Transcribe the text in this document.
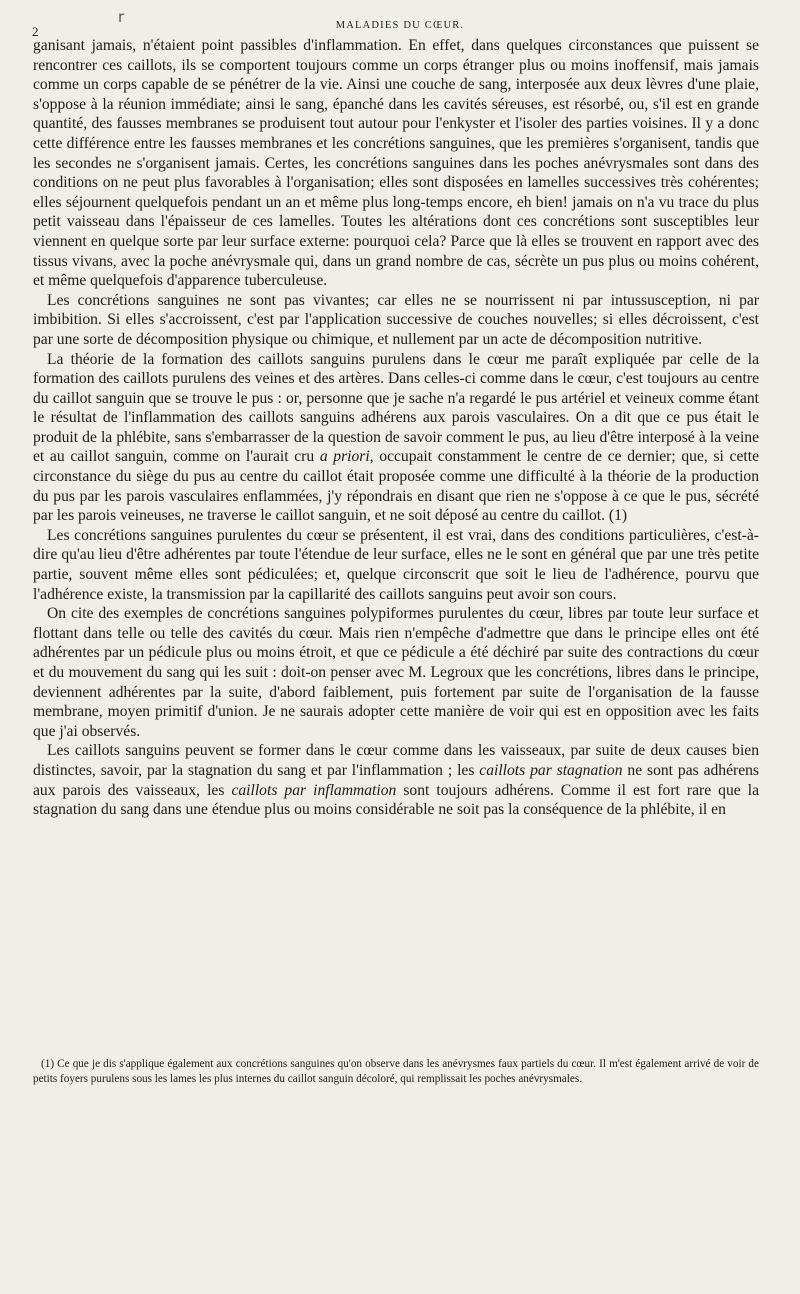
r
2	MALADIES DU CŒUR.

ganisant jamais, n'étaient point passibles d'inflammation. En effet, dans quelques circonstances que puissent se rencontrer ces caillots, ils se comportent toujours comme un corps étranger plus ou moins inoffensif, mais jamais comme un corps capable de se pénétrer de la vie. Ainsi une couche de sang, interposée aux deux lèvres d'une plaie, s'oppose à la réunion immédiate; ainsi le sang, épanché dans les cavités séreuses, est résorbé, ou, s'il est en grande quantité, des fausses membranes se produisent tout autour pour l'enkyster et l'isoler des parties voisines. Il y a donc cette différence entre les fausses membranes et les concrétions sanguines, que les premières s'organisent, tandis que les secondes ne s'organisent jamais. Certes, les concrétions sanguines dans les poches anévrysmales sont dans des conditions on ne peut plus favorables à l'organisation; elles sont disposées en lamelles successives très cohérentes; elles séjournent quelquefois pendant un an et même plus long-temps encore, eh bien! jamais on n'a vu trace du plus petit vaisseau dans l'épaisseur de ces lamelles. Toutes les altérations dont ces concrétions sont susceptibles leur viennent en quelque sorte par leur surface externe: pourquoi cela? Parce que là elles se trouvent en rapport avec des tissus vivans, avec la poche anévrysmale qui, dans un grand nombre de cas, sécrète un pus plus ou moins cohérent, et même quelquefois d'apparence tuberculeuse.

Les concrétions sanguines ne sont pas vivantes; car elles ne se nourrissent ni par intussusception, ni par imbibition. Si elles s'accroissent, c'est par l'application successive de couches nouvelles; si elles décroissent, c'est par une sorte de décomposition physique ou chimique, et nullement par un acte de décomposition nutritive.

La théorie de la formation des caillots sanguins purulens dans le cœur me paraît expliquée par celle de la formation des caillots purulens des veines et des artères. Dans celles-ci comme dans le cœur, c'est toujours au centre du caillot sanguin que se trouve le pus : or, personne que je sache n'a regardé le pus artériel et veineux comme étant le résultat de l'inflammation des caillots sanguins adhérens aux parois vasculaires. On a dit que ce pus était le produit de la phlébite, sans s'embarrasser de la question de savoir comment le pus, au lieu d'être interposé à la veine et au caillot sanguin, comme on l'aurait cru a priori, occupait constamment le centre de ce dernier; que, si cette circonstance du siège du pus au centre du caillot était proposée comme une difficulté à la théorie de la production du pus par les parois vasculaires enflammées, j'y répondrais en disant que rien ne s'oppose à ce que le pus, sécrété par les parois veineuses, ne traverse le caillot sanguin, et ne soit déposé au centre du caillot. (1)

Les concrétions sanguines purulentes du cœur se présentent, il est vrai, dans des conditions particulières, c'est-à-dire qu'au lieu d'être adhérentes par toute l'étendue de leur surface, elles ne le sont en général que par une très petite partie, souvent même elles sont pédiculées; et, quelque circonscrit que soit le lieu de l'adhérence, pourvu que l'adhérence existe, la transmission par la capillarité des caillots sanguins peut avoir son cours.

On cite des exemples de concrétions sanguines polypiformes purulentes du cœur, libres par toute leur surface et flottant dans telle ou telle des cavités du cœur. Mais rien n'empêche d'admettre que dans le principe elles ont été adhérentes par un pédicule plus ou moins étroit, et que ce pédicule a été déchiré par suite des contractions du cœur et du mouvement du sang qui les suit : doit-on penser avec M. Legroux que les concrétions, libres dans le principe, deviennent adhérentes par la suite, d'abord faiblement, puis fortement par suite de l'organisation de la fausse membrane, moyen primitif d'union. Je ne saurais adopter cette manière de voir qui est en opposition avec les faits que j'ai observés.

Les caillots sanguins peuvent se former dans le cœur comme dans les vaisseaux, par suite de deux causes bien distinctes, savoir, par la stagnation du sang et par l'inflammation ; les caillots par stagnation ne sont pas adhérens aux parois des vaisseaux, les caillots par inflammation sont toujours adhérens. Comme il est fort rare que la stagnation du sang dans une étendue plus ou moins considérable ne soit pas la conséquence de la phlébite, il en

(1) Ce que je dis s'applique également aux concrétions sanguines qu'on observe dans les anévrysmes faux partiels du cœur. Il m'est également arrivé de voir de petits foyers purulens sous les lames les plus internes du caillot sanguin décoloré, qui remplissait les poches anévrysmales.
